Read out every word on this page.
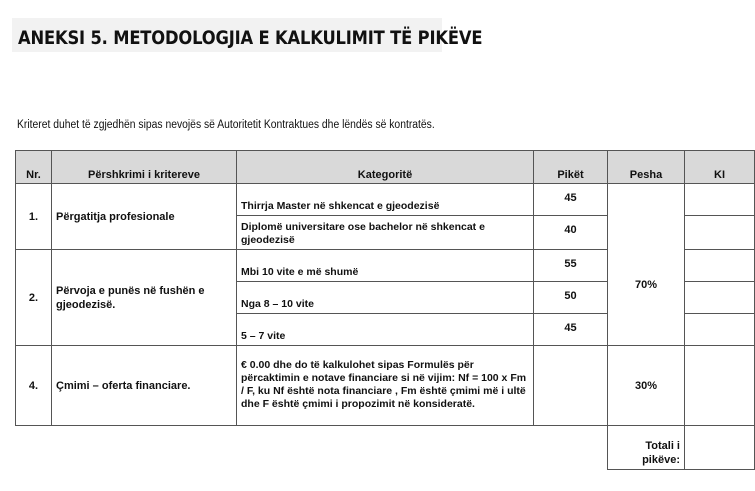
ANEKSI 5. METODOLOGJIA E KALKULIMIT TË PIKËVE
Kriteret duhet të zgjedhën sipas nevojës së Autoritetit Kontraktues dhe lëndës së kontratës.
Nr.	Përshkrimi i kritereve	Kategoritë	Pikët	Pesha	KI
1.	Përgatitja profesionale	Thirrja Master në shkencat e gjeodezisë	45	70%	
		Diplomë universitare ose bachelor në shkencat e gjeodezisë	40		
2.	Përvoja e punës në fushën e gjeodezisë.	Mbi 10 vite e më shumë	55		
		Nga 8 – 10 vite	50		
		5 – 7 vite	45		
4.	Çmimi – oferta financiare.	€ 0.00 dhe do të kalkulohet sipas Formulës për përcaktimin e notave financiare si në vijim: Nf = 100 x Fm / F, ku Nf është nota financiare , Fm është çmimi më i ultë dhe F është çmimi i propozimit në konsideratë.		30%	
				Totali i pikëve:	
